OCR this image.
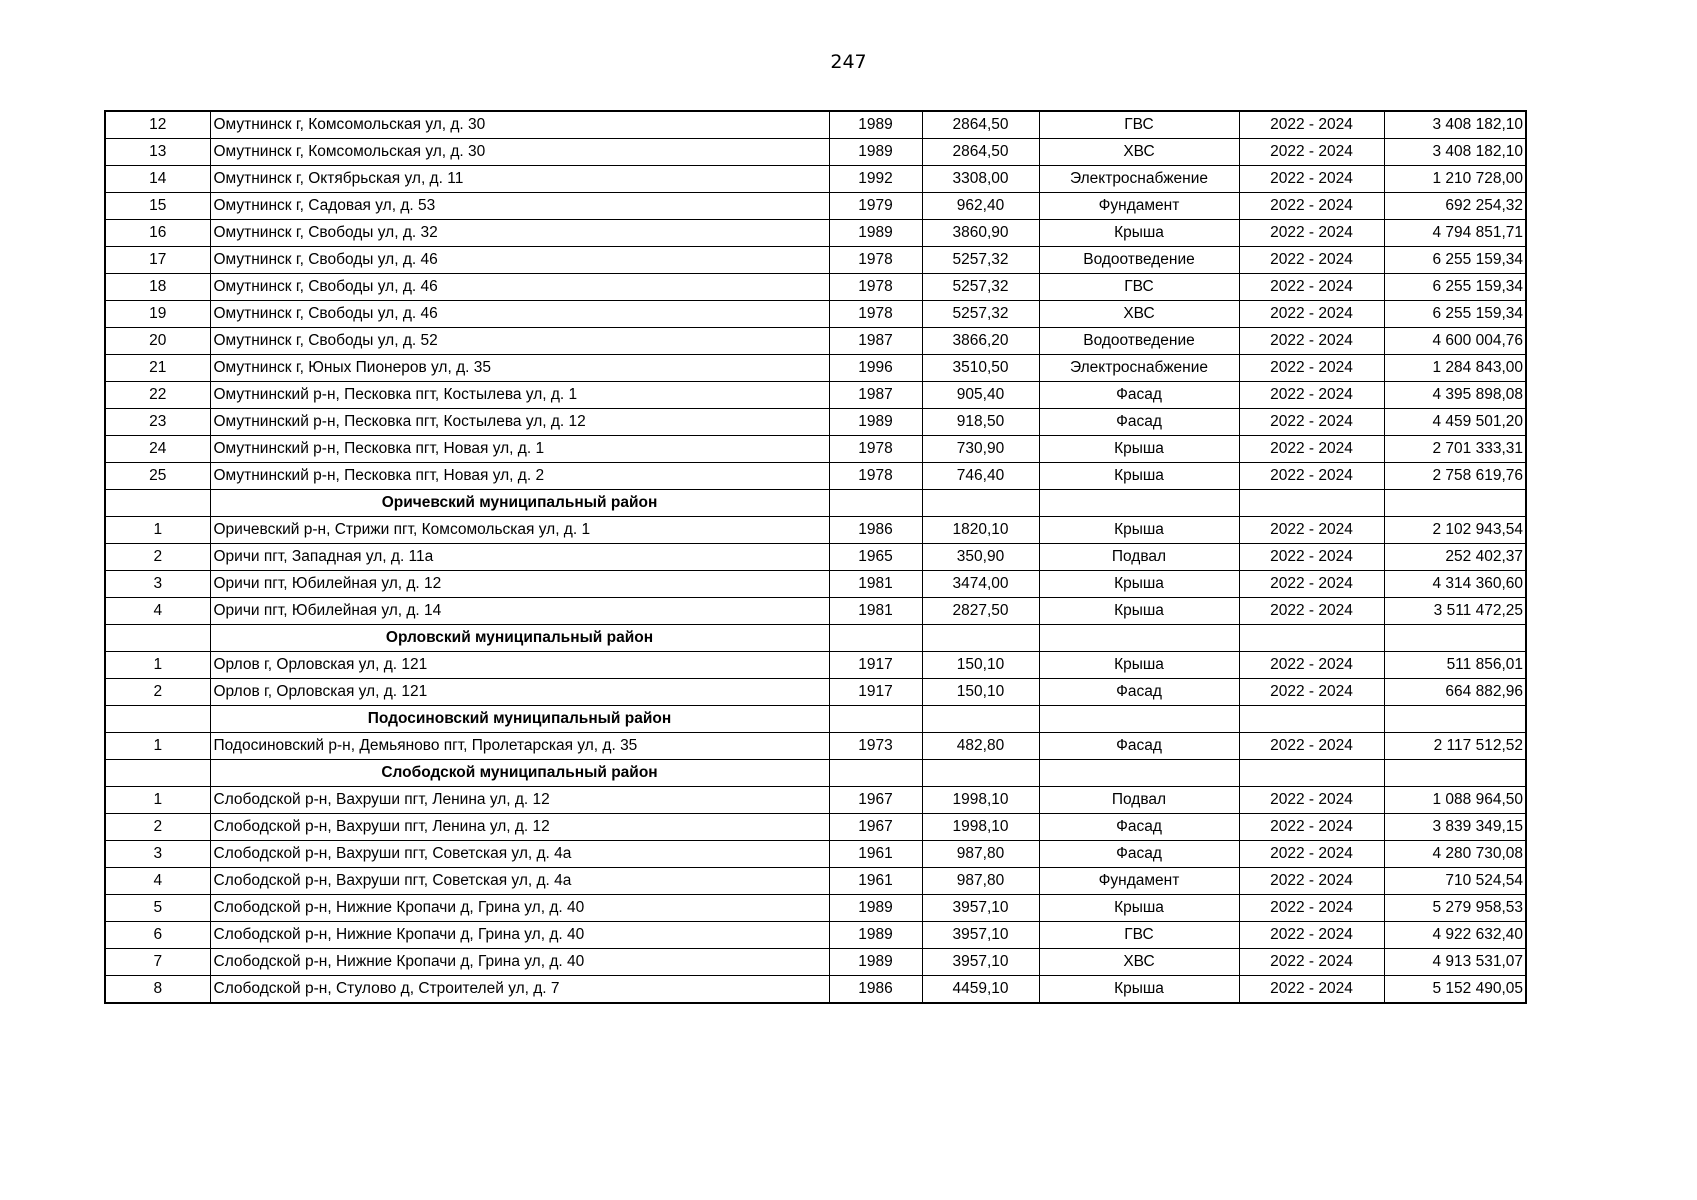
247
12	Омутнинск г, Комсомольская ул, д. 30	1989	2864,50	ГВС	2022 - 2024	3 408 182,10
13	Омутнинск г, Комсомольская ул, д. 30	1989	2864,50	ХВС	2022 - 2024	3 408 182,10
14	Омутнинск г, Октябрьская ул, д. 11	1992	3308,00	Электроснабжение	2022 - 2024	1 210 728,00
15	Омутнинск г, Садовая ул, д. 53	1979	962,40	Фундамент	2022 - 2024	692 254,32
16	Омутнинск г, Свободы ул, д. 32	1989	3860,90	Крыша	2022 - 2024	4 794 851,71
17	Омутнинск г, Свободы ул, д. 46	1978	5257,32	Водоотведение	2022 - 2024	6 255 159,34
18	Омутнинск г, Свободы ул, д. 46	1978	5257,32	ГВС	2022 - 2024	6 255 159,34
19	Омутнинск г, Свободы ул, д. 46	1978	5257,32	ХВС	2022 - 2024	6 255 159,34
20	Омутнинск г, Свободы ул, д. 52	1987	3866,20	Водоотведение	2022 - 2024	4 600 004,76
21	Омутнинск г, Юных Пионеров ул, д. 35	1996	3510,50	Электроснабжение	2022 - 2024	1 284 843,00
22	Омутнинский р-н, Песковка пгт, Костылева ул, д. 1	1987	905,40	Фасад	2022 - 2024	4 395 898,08
23	Омутнинский р-н, Песковка пгт, Костылева ул, д. 12	1989	918,50	Фасад	2022 - 2024	4 459 501,20
24	Омутнинский р-н, Песковка пгт, Новая ул, д. 1	1978	730,90	Крыша	2022 - 2024	2 701 333,31
25	Омутнинский р-н, Песковка пгт, Новая ул, д. 2	1978	746,40	Крыша	2022 - 2024	2 758 619,76
	Оричевский муниципальный район					
1	Оричевский р-н, Стрижи пгт, Комсомольская ул, д. 1	1986	1820,10	Крыша	2022 - 2024	2 102 943,54
2	Оричи пгт, Западная ул, д. 11а	1965	350,90	Подвал	2022 - 2024	252 402,37
3	Оричи пгт, Юбилейная ул, д. 12	1981	3474,00	Крыша	2022 - 2024	4 314 360,60
4	Оричи пгт, Юбилейная ул, д. 14	1981	2827,50	Крыша	2022 - 2024	3 511 472,25
	Орловский муниципальный район					
1	Орлов г, Орловская ул, д. 121	1917	150,10	Крыша	2022 - 2024	511 856,01
2	Орлов г, Орловская ул, д. 121	1917	150,10	Фасад	2022 - 2024	664 882,96
	Подосиновский муниципальный район					
1	Подосиновский р-н, Демьяново пгт, Пролетарская ул, д. 35	1973	482,80	Фасад	2022 - 2024	2 117 512,52
	Слободской муниципальный район					
1	Слободской р-н, Вахруши пгт, Ленина ул, д. 12	1967	1998,10	Подвал	2022 - 2024	1 088 964,50
2	Слободской р-н, Вахруши пгт, Ленина ул, д. 12	1967	1998,10	Фасад	2022 - 2024	3 839 349,15
3	Слободской р-н, Вахруши пгт, Советская ул, д. 4а	1961	987,80	Фасад	2022 - 2024	4 280 730,08
4	Слободской р-н, Вахруши пгт, Советская ул, д. 4а	1961	987,80	Фундамент	2022 - 2024	710 524,54
5	Слободской р-н, Нижние Кропачи д, Грина ул, д. 40	1989	3957,10	Крыша	2022 - 2024	5 279 958,53
6	Слободской р-н, Нижние Кропачи д, Грина ул, д. 40	1989	3957,10	ГВС	2022 - 2024	4 922 632,40
7	Слободской р-н, Нижние Кропачи д, Грина ул, д. 40	1989	3957,10	ХВС	2022 - 2024	4 913 531,07
8	Слободской р-н, Стулово д, Строителей ул, д. 7	1986	4459,10	Крыша	2022 - 2024	5 152 490,05
